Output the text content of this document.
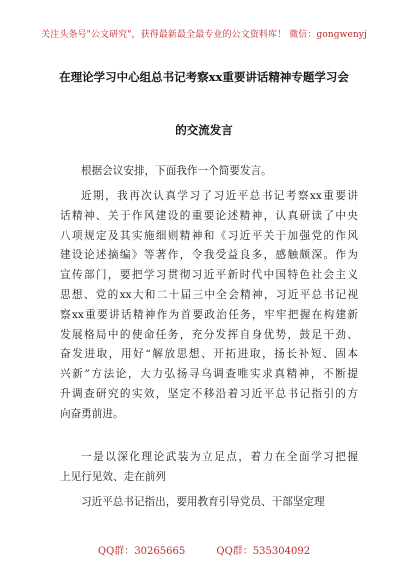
关注头条号"公文研究"，获得最新最全最专业的公文资料库！ 微信：gongwenyj
在理论学习中心组总书记考察xx重要讲话精神专题学习会
的交流发言
根据会议安排，下面我作一个简要发言。
近期，我再次认真学习了习近平总书记考察xx重要讲
话精神、关于作风建设的重要论述精神，认真研读了中央
八项规定及其实施细则精神和《习近平关于加强党的作风
建设论述摘编》等著作，令我受益良多，感触颇深。作为
宣传部门，要把学习贯彻习近平新时代中国特色社会主义
思想、党的xx大和二十届三中全会精神，习近平总书记视
察xx重要讲话精神作为首要政治任务，牢牢把握在构建新
发展格局中的使命任务，充分发挥自身优势，鼓足干劲、
奋发进取，用好“解放思想、开拓进取，扬长补短、固本
兴新”方法论，大力弘扬寻乌调查唯实求真精神，不断提
升调查研究的实效，坚定不移沿着习近平总书记指引的方
向奋勇前进。
一是以深化理论武装为立足点，着力在全面学习把握
上见行见效、走在前列
习近平总书记指出，要用教育引导党员、干部坚定理
QQ群：30265665	QQ群：535304092
